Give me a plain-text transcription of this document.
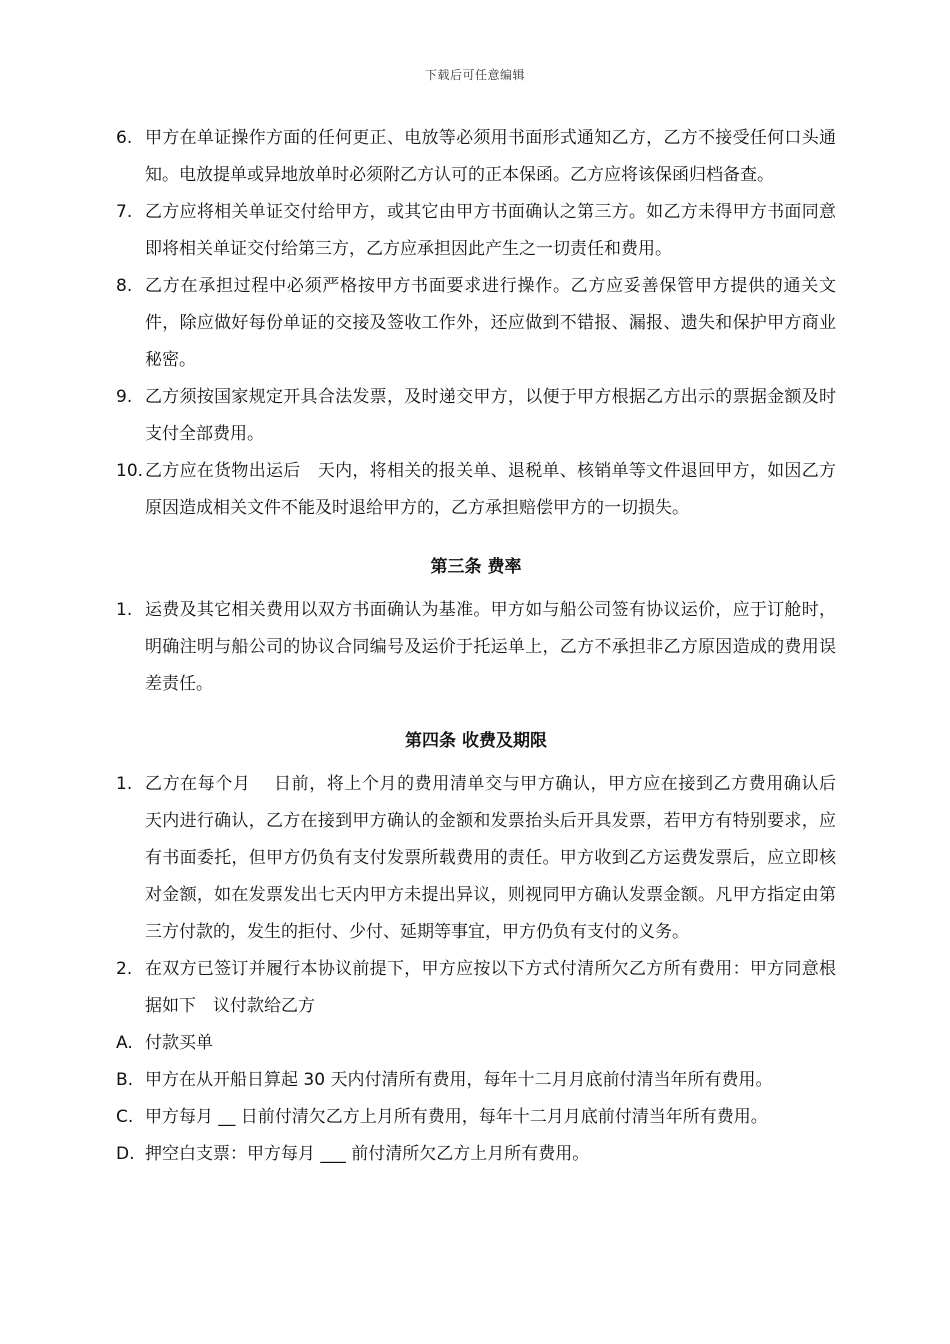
下载后可任意编辑
6. 甲方在单证操作方面的任何更正、电放等必须用书面形式通知乙方，乙方不接受任何口头通知。电放提单或异地放单时必须附乙方认可的正本保函。乙方应将该保函归档备查。
7. 乙方应将相关单证交付给甲方，或其它由甲方书面确认之第三方。如乙方未得甲方书面同意即将相关单证交付给第三方，乙方应承担因此产生之一切责任和费用。
8. 乙方在承担过程中必须严格按甲方书面要求进行操作。乙方应妥善保管甲方提供的通关文件，除应做好每份单证的交接及签收工作外，还应做到不错报、漏报、遗失和保护甲方商业秘密。
9. 乙方须按国家规定开具合法发票，及时递交甲方，以便于甲方根据乙方出示的票据金额及时支付全部费用。
10. 乙方应在货物出运后　天内，将相关的报关单、退税单、核销单等文件退回甲方，如因乙方原因造成相关文件不能及时退给甲方的，乙方承担赔偿甲方的一切损失。
第三条 费率
1. 运费及其它相关费用以双方书面确认为基准。甲方如与船公司签有协议运价，应于订舱时，明确注明与船公司的协议合同编号及运价于托运单上，乙方不承担非乙方原因造成的费用误差责任。
第四条 收费及期限
1. 乙方在每个月　 日前，将上个月的费用清单交与甲方确认，甲方应在接到乙方费用确认后　天内进行确认，乙方在接到甲方确认的金额和发票抬头后开具发票，若甲方有特别要求，应有书面委托，但甲方仍负有支付发票所载费用的责任。甲方收到乙方运费发票后，应立即核对金额，如在发票发出七天内甲方未提出异议，则视同甲方确认发票金额。凡甲方指定由第三方付款的，发生的拒付、少付、延期等事宜，甲方仍负有支付的义务。
2. 在双方已签订并履行本协议前提下，甲方应按以下方式付清所欠乙方所有费用：甲方同意根据如下　议付款给乙方
A. 付款买单
B. 甲方在从开船日算起 30 天内付清所有费用，每年十二月月底前付清当年所有费用。
C. 甲方每月 __ 日前付清欠乙方上月所有费用，每年十二月月底前付清当年所有费用。
D. 押空白支票：甲方每月 ___ 前付清所欠乙方上月所有费用。
